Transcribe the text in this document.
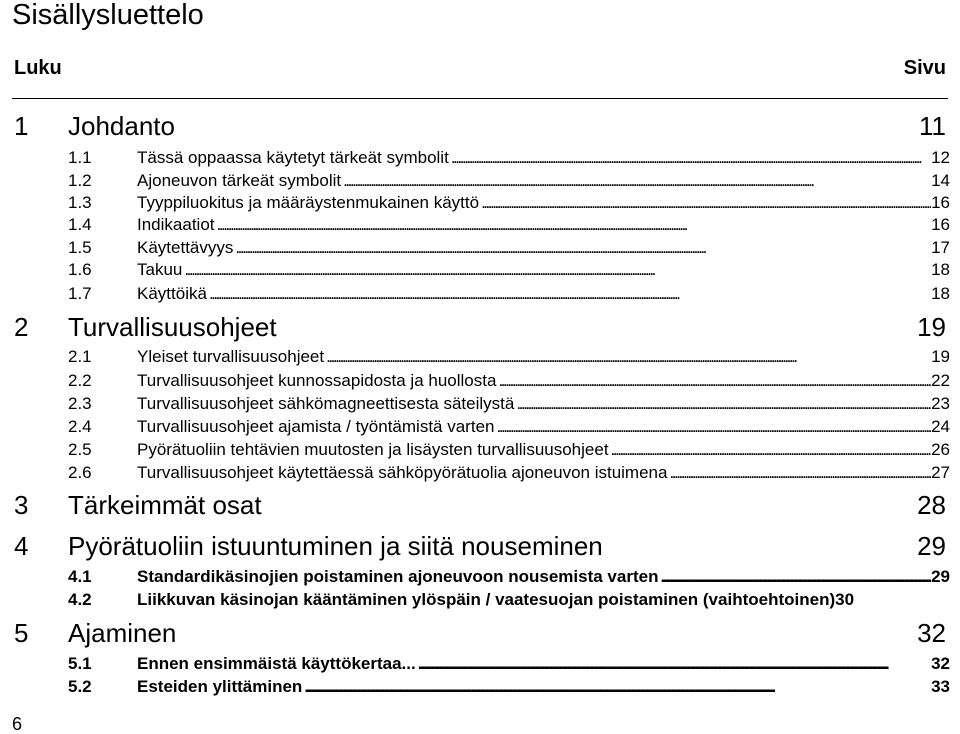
Sisällysluettelo
Luku	Sivu
1 Johdanto	11
1.1	Tässä oppaassa käytetyt tärkeät symbolit . . .	12
1.2	Ajoneuvon tärkeät symbolit . . .	14
1.3	Tyyppiluokitus ja määräystenmukainen käyttö . . .	16
1.4	Indikaatiot . . .	16
1.5	Käytettävyys . . .	17
1.6	Takuu . . .	18
1.7	Käyttöikä . . .	18
2 Turvallisuusohjeet	19
2.1	Yleiset turvallisuusohjeet . . .	19
2.2	Turvallisuusohjeet kunnossapidosta ja huollosta . . .	22
2.3	Turvallisuusohjeet sähkömagneettisesta säteilystä . . .	23
2.4	Turvallisuusohjeet ajamista / työntämistä varten . . .	24
2.5	Pyörätuoliin tehtävien muutosten ja lisäysten turvallisuusohjeet . . .	26
2.6	Turvallisuusohjeet käytettäessä sähköpyörätuolia ajoneuvon istuimena . . .	27
3 Tärkeimmät osat	28
4 Pyörätuoliin istuuntuminen ja siitä nouseminen	29
4.1	Standardikäsinojien poistaminen ajoneuvoon nousemista varten . . .	29
4.2	Liikkuvan käsinojan kääntäminen ylöspäin / vaatesuojan poistaminen (vaihtoehtoinen) 30
5 Ajaminen	32
5.1	Ennen ensimmäistä käyttökertaa... . . .	32
5.2	Esteiden ylittäminen . . .	33
6
